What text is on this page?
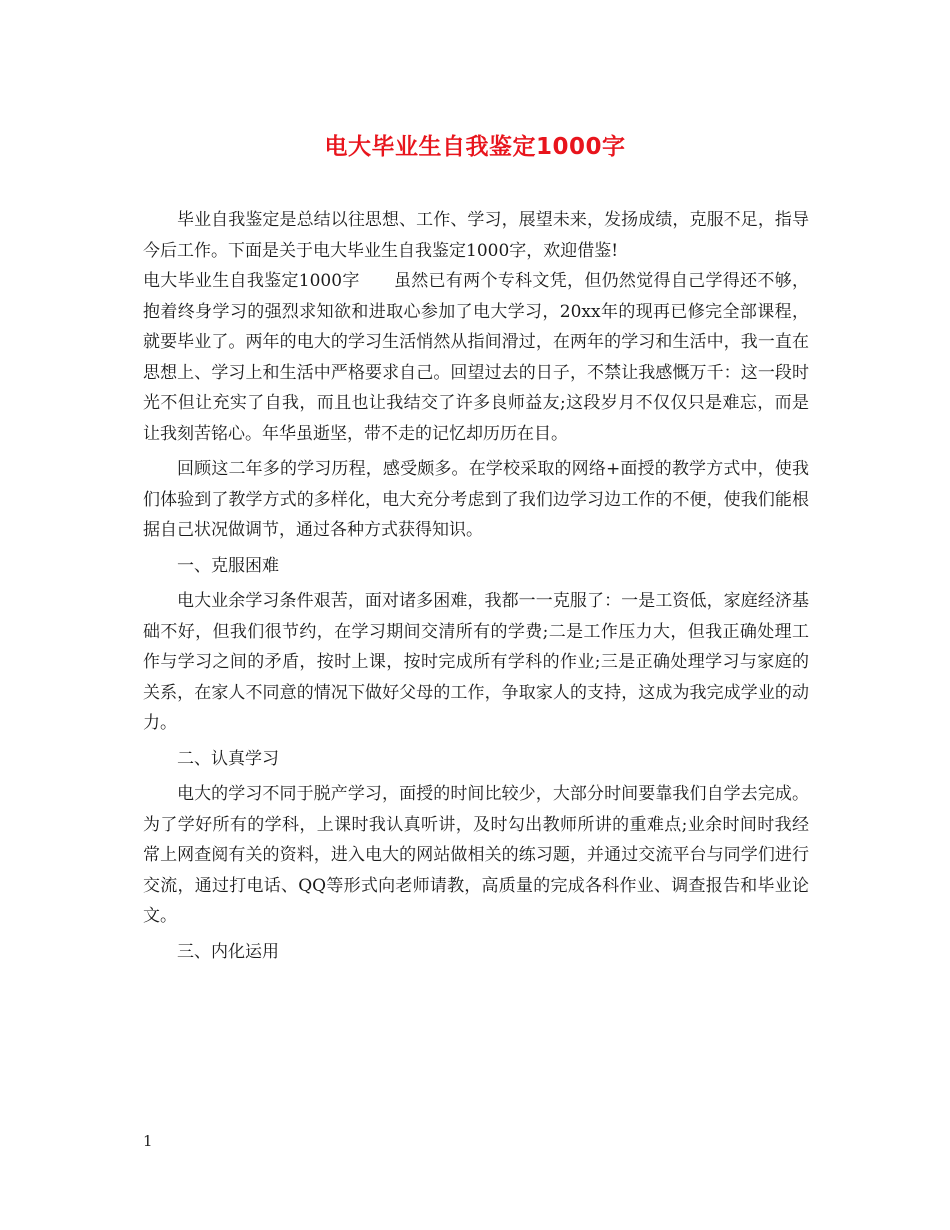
电大毕业生自我鉴定1000字

毕业自我鉴定是总结以往思想、工作、学习，展望未来，发扬成绩，克服不足，指导今后工作。下面是关于电大毕业生自我鉴定1000字，欢迎借鉴!

电大毕业生自我鉴定1000字 虽然已有两个专科文凭，但仍然觉得自己学得还不够，抱着终身学习的强烈求知欲和进取心参加了电大学习，20xx年的现再已修完全部课程，就要毕业了。两年的电大的学习生活悄然从指间滑过，在两年的学习和生活中，我一直在思想上、学习上和生活中严格要求自己。回望过去的日子，不禁让我感慨万千：这一段时光不但让充实了自我，而且也让我结交了许多良师益友;这段岁月不仅仅只是难忘，而是让我刻苦铭心。年华虽逝坚，带不走的记忆却历历在目。

回顾这二年多的学习历程，感受颇多。在学校采取的网络+面授的教学方式中，使我们体验到了教学方式的多样化，电大充分考虑到了我们边学习边工作的不便，使我们能根据自己状况做调节，通过各种方式获得知识。

一、克服困难

电大业余学习条件艰苦，面对诸多困难，我都一一克服了：一是工资低，家庭经济基础不好，但我们很节约，在学习期间交清所有的学费;二是工作压力大，但我正确处理工作与学习之间的矛盾，按时上课，按时完成所有学科的作业;三是正确处理学习与家庭的关系，在家人不同意的情况下做好父母的工作，争取家人的支持，这成为我完成学业的动力。

二、认真学习

电大的学习不同于脱产学习，面授的时间比较少，大部分时间要靠我们自学去完成。为了学好所有的学科，上课时我认真听讲，及时勾出教师所讲的重难点;业余时间时我经常上网查阅有关的资料，进入电大的网站做相关的练习题，并通过交流平台与同学们进行交流，通过打电话、QQ等形式向老师请教，高质量的完成各科作业、调查报告和毕业论文。

三、内化运用

1
